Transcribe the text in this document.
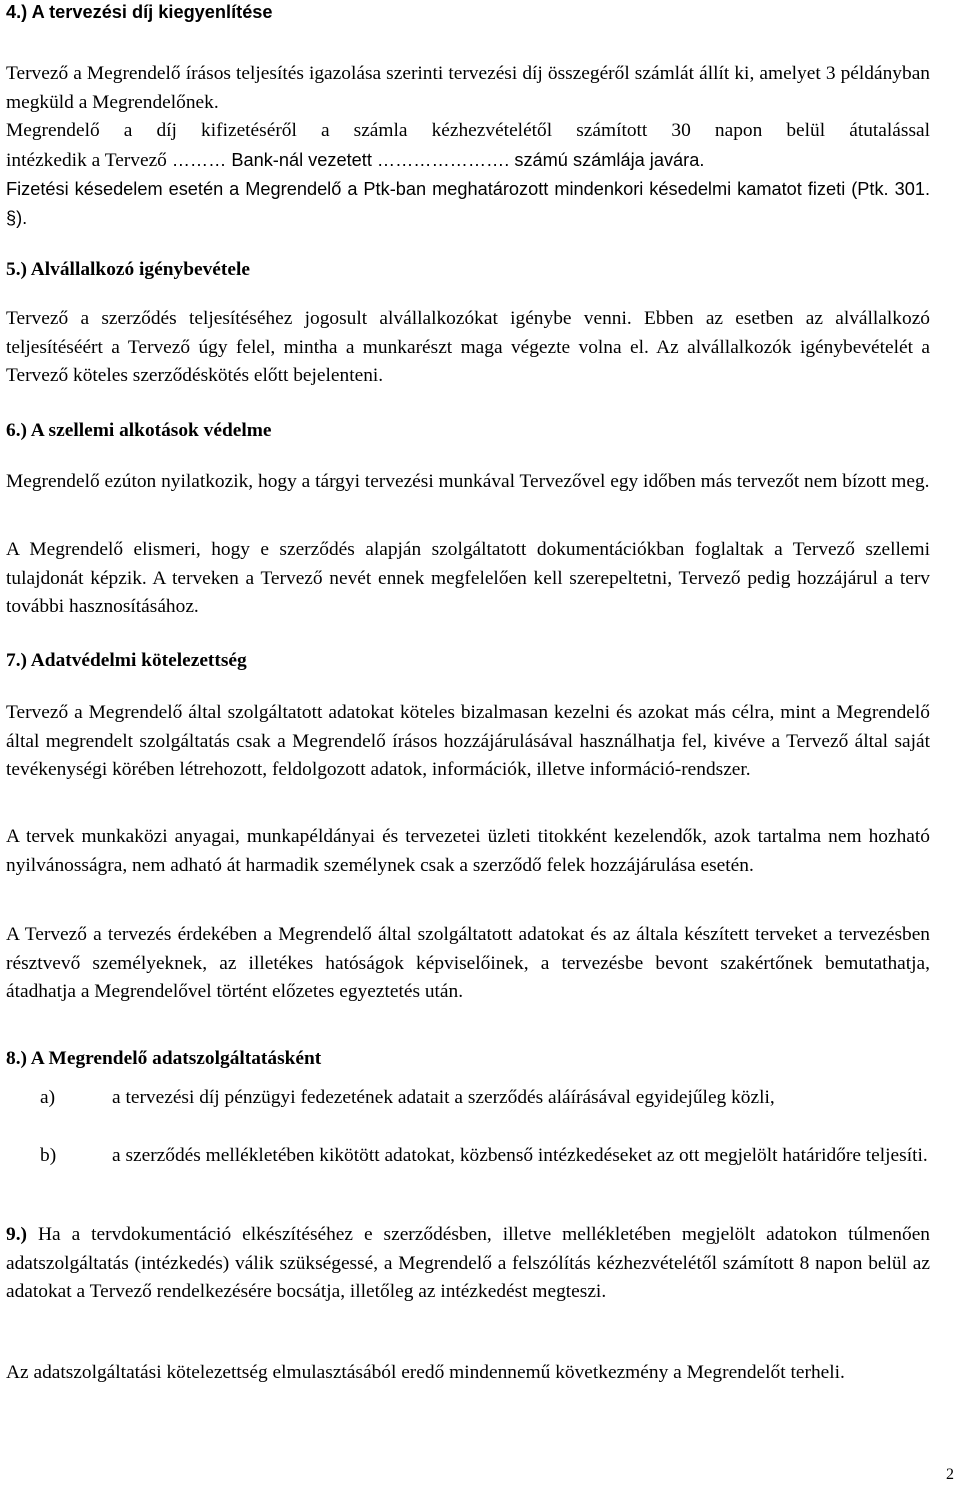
4.) A tervezési díj kiegyenlítése

Tervező a Megrendelő írásos teljesítés igazolása szerinti tervezési díj összegéről számlát állít ki, amelyet 3 példányban megküld a Megrendelőnek.

Megrendelő a díj kifizetéséről a számla kézhezvételétől számított 30 napon belül átutalással

intézkedik a Tervező ……… Bank-nál vezetett …………………. számú számlája javára.

Fizetési késedelem esetén a Megrendelő a Ptk-ban meghatározott mindenkori késedelmi kamatot fizeti (Ptk. 301. §).

5.) Alvállalkozó igénybevétele

Tervező a szerződés teljesítéséhez jogosult alvállalkozókat igénybe venni. Ebben az esetben az alvállalkozó teljesítéséért a Tervező úgy felel, mintha a munkarészt maga végezte volna el. Az alvállalkozók igénybevételét a Tervező köteles szerződéskötés előtt bejelenteni.

6.) A szellemi alkotások védelme

Megrendelő ezúton nyilatkozik, hogy a tárgyi tervezési munkával Tervezővel egy időben más tervezőt nem bízott meg.

A Megrendelő elismeri, hogy e szerződés alapján szolgáltatott dokumentációkban foglaltak a Tervező szellemi tulajdonát képzik. A terveken a Tervező nevét ennek megfelelően kell szerepeltetni, Tervező pedig hozzájárul a terv további hasznosításához.

7.) Adatvédelmi kötelezettség

Tervező a Megrendelő által szolgáltatott adatokat köteles bizalmasan kezelni és azokat más célra, mint a Megrendelő által megrendelt szolgáltatás csak a Megrendelő írásos hozzájárulásával használhatja fel, kivéve a Tervező által saját tevékenységi körében létrehozott, feldolgozott adatok, információk, illetve információ-rendszer.

A tervek munkaközi anyagai, munkapéldányai és tervezetei üzleti titokként kezelendők, azok tartalma nem hozható nyilvánosságra, nem adható át harmadik személynek csak a szerződő felek hozzájárulása esetén.

A Tervező a tervezés érdekében a Megrendelő által szolgáltatott adatokat és az általa készített terveket a tervezésben résztvevő személyeknek, az illetékes hatóságok képviselőinek, a tervezésbe bevont szakértőnek bemutathatja, átadhatja a Megrendelővel történt előzetes egyeztetés után.

8.) A Megrendelő adatszolgáltatásként
a)	a tervezési díj pénzügyi fedezetének adatait a szerződés aláírásával egyidejűleg közli,
b)	a szerződés mellékletében kikötött adatokat, közbenső intézkedéseket az ott megjelölt határidőre teljesíti.

9.) Ha a tervdokumentáció elkészítéséhez e szerződésben, illetve mellékletében megjelölt adatokon túlmenően adatszolgáltatás (intézkedés) válik szükségessé, a Megrendelő a felszólítás kézhezvételétől számított 8 napon belül az adatokat a Tervező rendelkezésére bocsátja, illetőleg az intézkedést megteszi.

Az adatszolgáltatási kötelezettség elmulasztásából eredő mindennemű következmény a Megrendelőt terheli.

2
